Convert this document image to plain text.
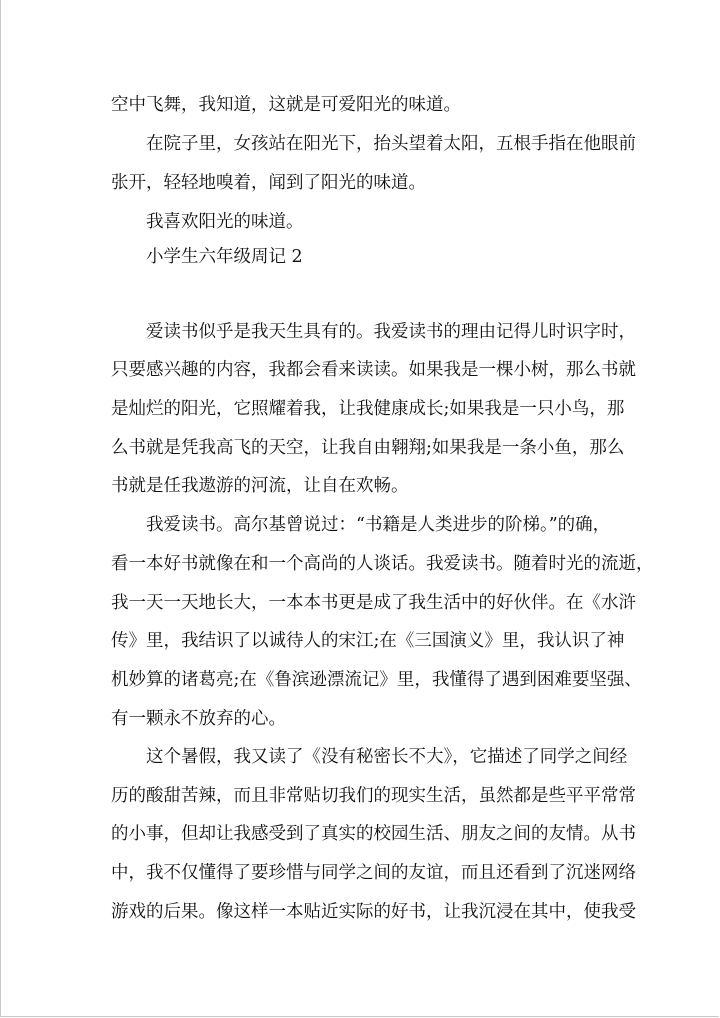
空中飞舞，我知道，这就是可爱阳光的味道。
在院子里，女孩站在阳光下，抬头望着太阳，五根手指在他眼前
张开，轻轻地嗅着，闻到了阳光的味道。
我喜欢阳光的味道。
小学生六年级周记 2
爱读书似乎是我天生具有的。我爱读书的理由记得儿时识字时，
只要感兴趣的内容，我都会看来读读。如果我是一棵小树，那么书就
是灿烂的阳光，它照耀着我，让我健康成长;如果我是一只小鸟，那
么书就是凭我高飞的天空，让我自由翱翔;如果我是一条小鱼，那么
书就是任我遨游的河流，让自在欢畅。
我爱读书。高尔基曾说过：“书籍是人类进步的阶梯。”的确，
看一本好书就像在和一个高尚的人谈话。我爱读书。随着时光的流逝，
我一天一天地长大，一本本书更是成了我生活中的好伙伴。在《水浒
传》里，我结识了以诚待人的宋江;在《三国演义》里，我认识了神
机妙算的诸葛亮;在《鲁滨逊漂流记》里，我懂得了遇到困难要坚强、
有一颗永不放弃的心。
这个暑假，我又读了《没有秘密长不大》，它描述了同学之间经
历的酸甜苦辣，而且非常贴切我们的现实生活，虽然都是些平平常常
的小事，但却让我感受到了真实的校园生活、朋友之间的友情。从书
中，我不仅懂得了要珍惜与同学之间的友谊，而且还看到了沉迷网络
游戏的后果。像这样一本贴近实际的好书，让我沉浸在其中，使我受
